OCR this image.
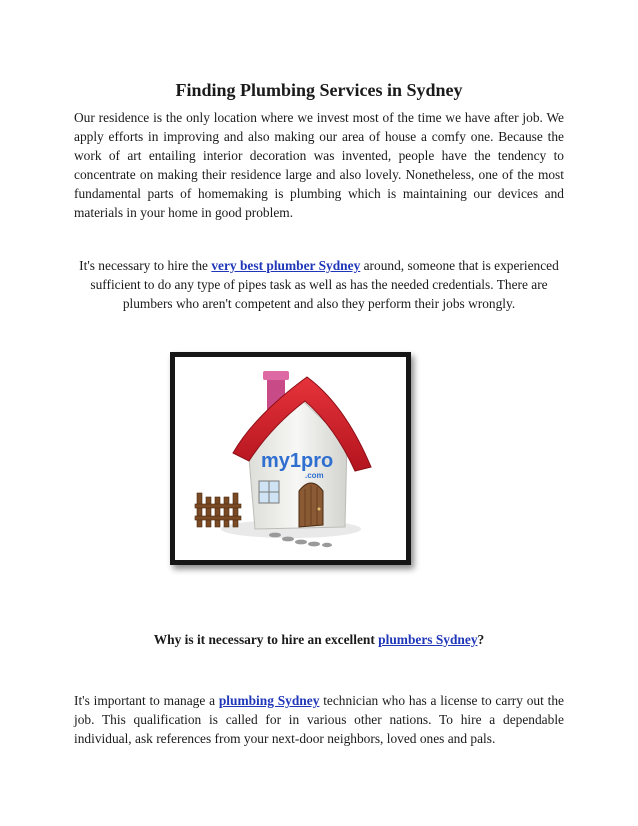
Finding Plumbing Services in Sydney

Our residence is the only location where we invest most of the time we have after job. We apply efforts in improving and also making our area of house a comfy one. Because the work of art entailing interior decoration was invented, people have the tendency to concentrate on making their residence large and also lovely. Nonetheless, one of the most fundamental parts of homemaking is plumbing which is maintaining our devices and materials in your home in good problem.

It's necessary to hire the very best plumber Sydney around, someone that is experienced sufficient to do any type of pipes task as well as has the needed credentials. There are plumbers who aren't competent and also they perform their jobs wrongly.

my1pro
.com

Why is it necessary to hire an excellent plumbers Sydney?

It's important to manage a plumbing Sydney technician who has a license to carry out the job. This qualification is called for in various other nations. To hire a dependable individual, ask references from your next-door neighbors, loved ones and pals.
